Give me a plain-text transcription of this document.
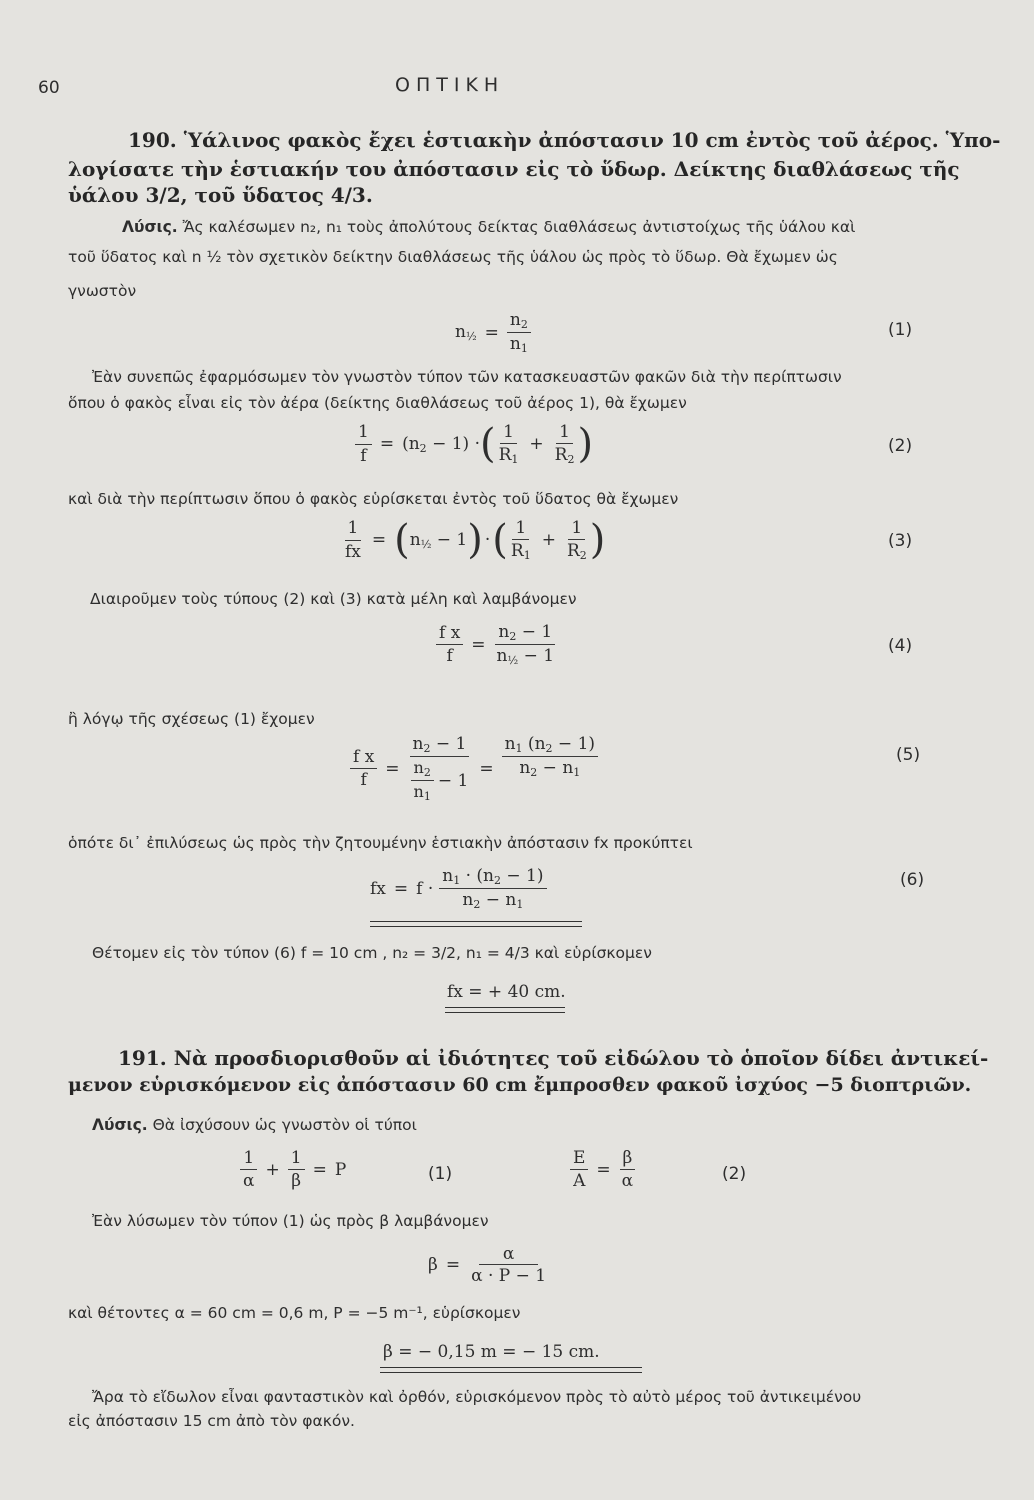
60	ΟΠΤΙΚΗ
190. Ὑάλινος φακὸς ἔχει ἑστιακὴν ἀπόστασιν 10 cm ἐντὸς τοῦ ἀέρος. Ὑπο-
λογίσατε τὴν ἑστιακήν του ἀπόστασιν εἰς τὸ ὕδωρ. Δείκτης διαθλάσεως τῆς
ὑάλου 3/2, τοῦ ὕδατος 4/3.
Λύσις. Ἄς καλέσωμεν n₂, n₁ τοὺς ἀπολύτους δείκτας διαθλάσεως ἀντιστοίχως τῆς ὑάλου καὶ
τοῦ ὕδατος καὶ n ½ τὸν σχετικὸν δείκτην διαθλάσεως τῆς ὑάλου ὡς πρὸς τὸ ὕδωρ. Θὰ ἔχωμεν ὡς
γνωστὸν
$n_{\frac{1}{2}} = \frac{n_2}{n_1}$	(1)
Ἐὰν συνεπῶς ἐφαρμόσωμεν τὸν γνωστὸν τύπον τῶν κατασκευαστῶν φακῶν διὰ τὴν περίπτωσιν
ὅπου ὁ φακὸς εἶναι εἰς τὸν ἀέρα (δείκτης διαθλάσεως τοῦ ἀέρος 1), θὰ ἔχωμεν
$\frac{1}{f} = (n_2 - 1)$ · ( $\frac{1}{R_1} + \frac{1}{R_2}$ )	(2)
καὶ διὰ τὴν περίπτωσιν ὅπου ὁ φακὸς εὑρίσκεται ἐντὸς τοῦ ὕδατος θὰ ἔχωμεν
$\frac{1}{fx}$ = ( $n_{\frac{1}{2}} - 1$ ) · ( $\frac{1}{R_1} + \frac{1}{R_2}$ )	(3)
Διαιροῦμεν τοὺς τύπους (2) καὶ (3) κατὰ μέλη καὶ λαμβάνομεν
$\frac{\text{f x}}{f} = \frac{n_2 - 1}{n_{\frac{1}{2}} - 1}$	(4)
ἢ λόγῳ τῆς σχέσεως (1) ἔχομεν
$\frac{\text{f x}}{f} = \frac{n_2 - 1}{\frac{n_2}{n_1} - 1} = \frac{n_1 (n_2 - 1)}{n_2 - n_1}$	(5)
ὁπότε δι᾿ ἐπιλύσεως ὡς πρὸς τὴν ζητουμένην ἑστιακὴν ἀπόστασιν fx προκύπτει
fx = $f \cdot \frac{n_1 \cdot (n_2 - 1)}{n_2 - n_1}$	(6)
Θέτομεν εἰς τὸν τύπον (6) f = 10 cm , n₂ = 3/2, n₁ = 4/3 καὶ εὑρίσκομεν
fx = + 40 cm.
191. Νὰ προσδιορισθοῦν αἱ ἰδιότητες τοῦ εἰδώλου τὸ ὁποῖον δίδει ἀντικεί-
μενον εὑρισκόμενον εἰς ἀπόστασιν 60 cm ἔμπροσθεν φακοῦ ἰσχύος −5 διοπτριῶν.
Λύσις. Θὰ ἰσχύσουν ὡς γνωστὸν οἱ τύποι
$\frac{1}{\alpha} + \frac{1}{\beta} = P$	(1)	$\frac{E}{A} = \frac{\beta}{\alpha}$	(2)
Ἐὰν λύσωμεν τὸν τύπον (1) ὡς πρὸς β λαμβάνομεν
$\beta = \frac{\alpha}{\alpha \cdot P - 1}$
καὶ θέτοντες α = 60 cm = 0,6 m, P = −5 m⁻¹, εὑρίσκομεν
β = − 0,15 m = − 15 cm.
Ἄρα τὸ εἴδωλον εἶναι φανταστικὸν καὶ ὀρθόν, εὑρισκόμενον πρὸς τὸ αὐτὸ μέρος τοῦ ἀντικειμένου
εἰς ἀπόστασιν 15 cm ἀπὸ τὸν φακόν.
